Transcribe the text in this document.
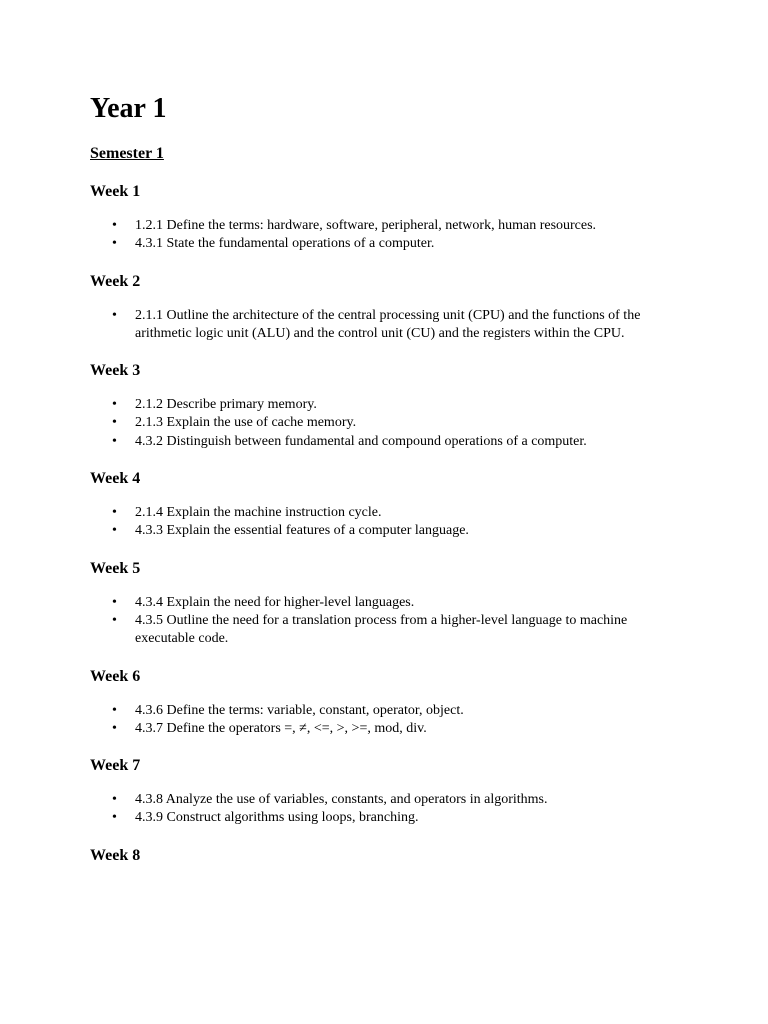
Year 1
Semester 1
Week 1
• 1.2.1 Define the terms: hardware, software, peripheral, network, human resources.
• 4.3.1 State the fundamental operations of a computer.
Week 2
• 2.1.1 Outline the architecture of the central processing unit (CPU) and the functions of the arithmetic logic unit (ALU) and the control unit (CU) and the registers within the CPU.
Week 3
• 2.1.2 Describe primary memory.
• 2.1.3 Explain the use of cache memory.
• 4.3.2 Distinguish between fundamental and compound operations of a computer.
Week 4
• 2.1.4 Explain the machine instruction cycle.
• 4.3.3 Explain the essential features of a computer language.
Week 5
• 4.3.4 Explain the need for higher-level languages.
• 4.3.5 Outline the need for a translation process from a higher-level language to machine executable code.
Week 6
• 4.3.6 Define the terms: variable, constant, operator, object.
• 4.3.7 Define the operators =, ≠, <=, >, >=, mod, div.
Week 7
• 4.3.8 Analyze the use of variables, constants, and operators in algorithms.
• 4.3.9 Construct algorithms using loops, branching.
Week 8
